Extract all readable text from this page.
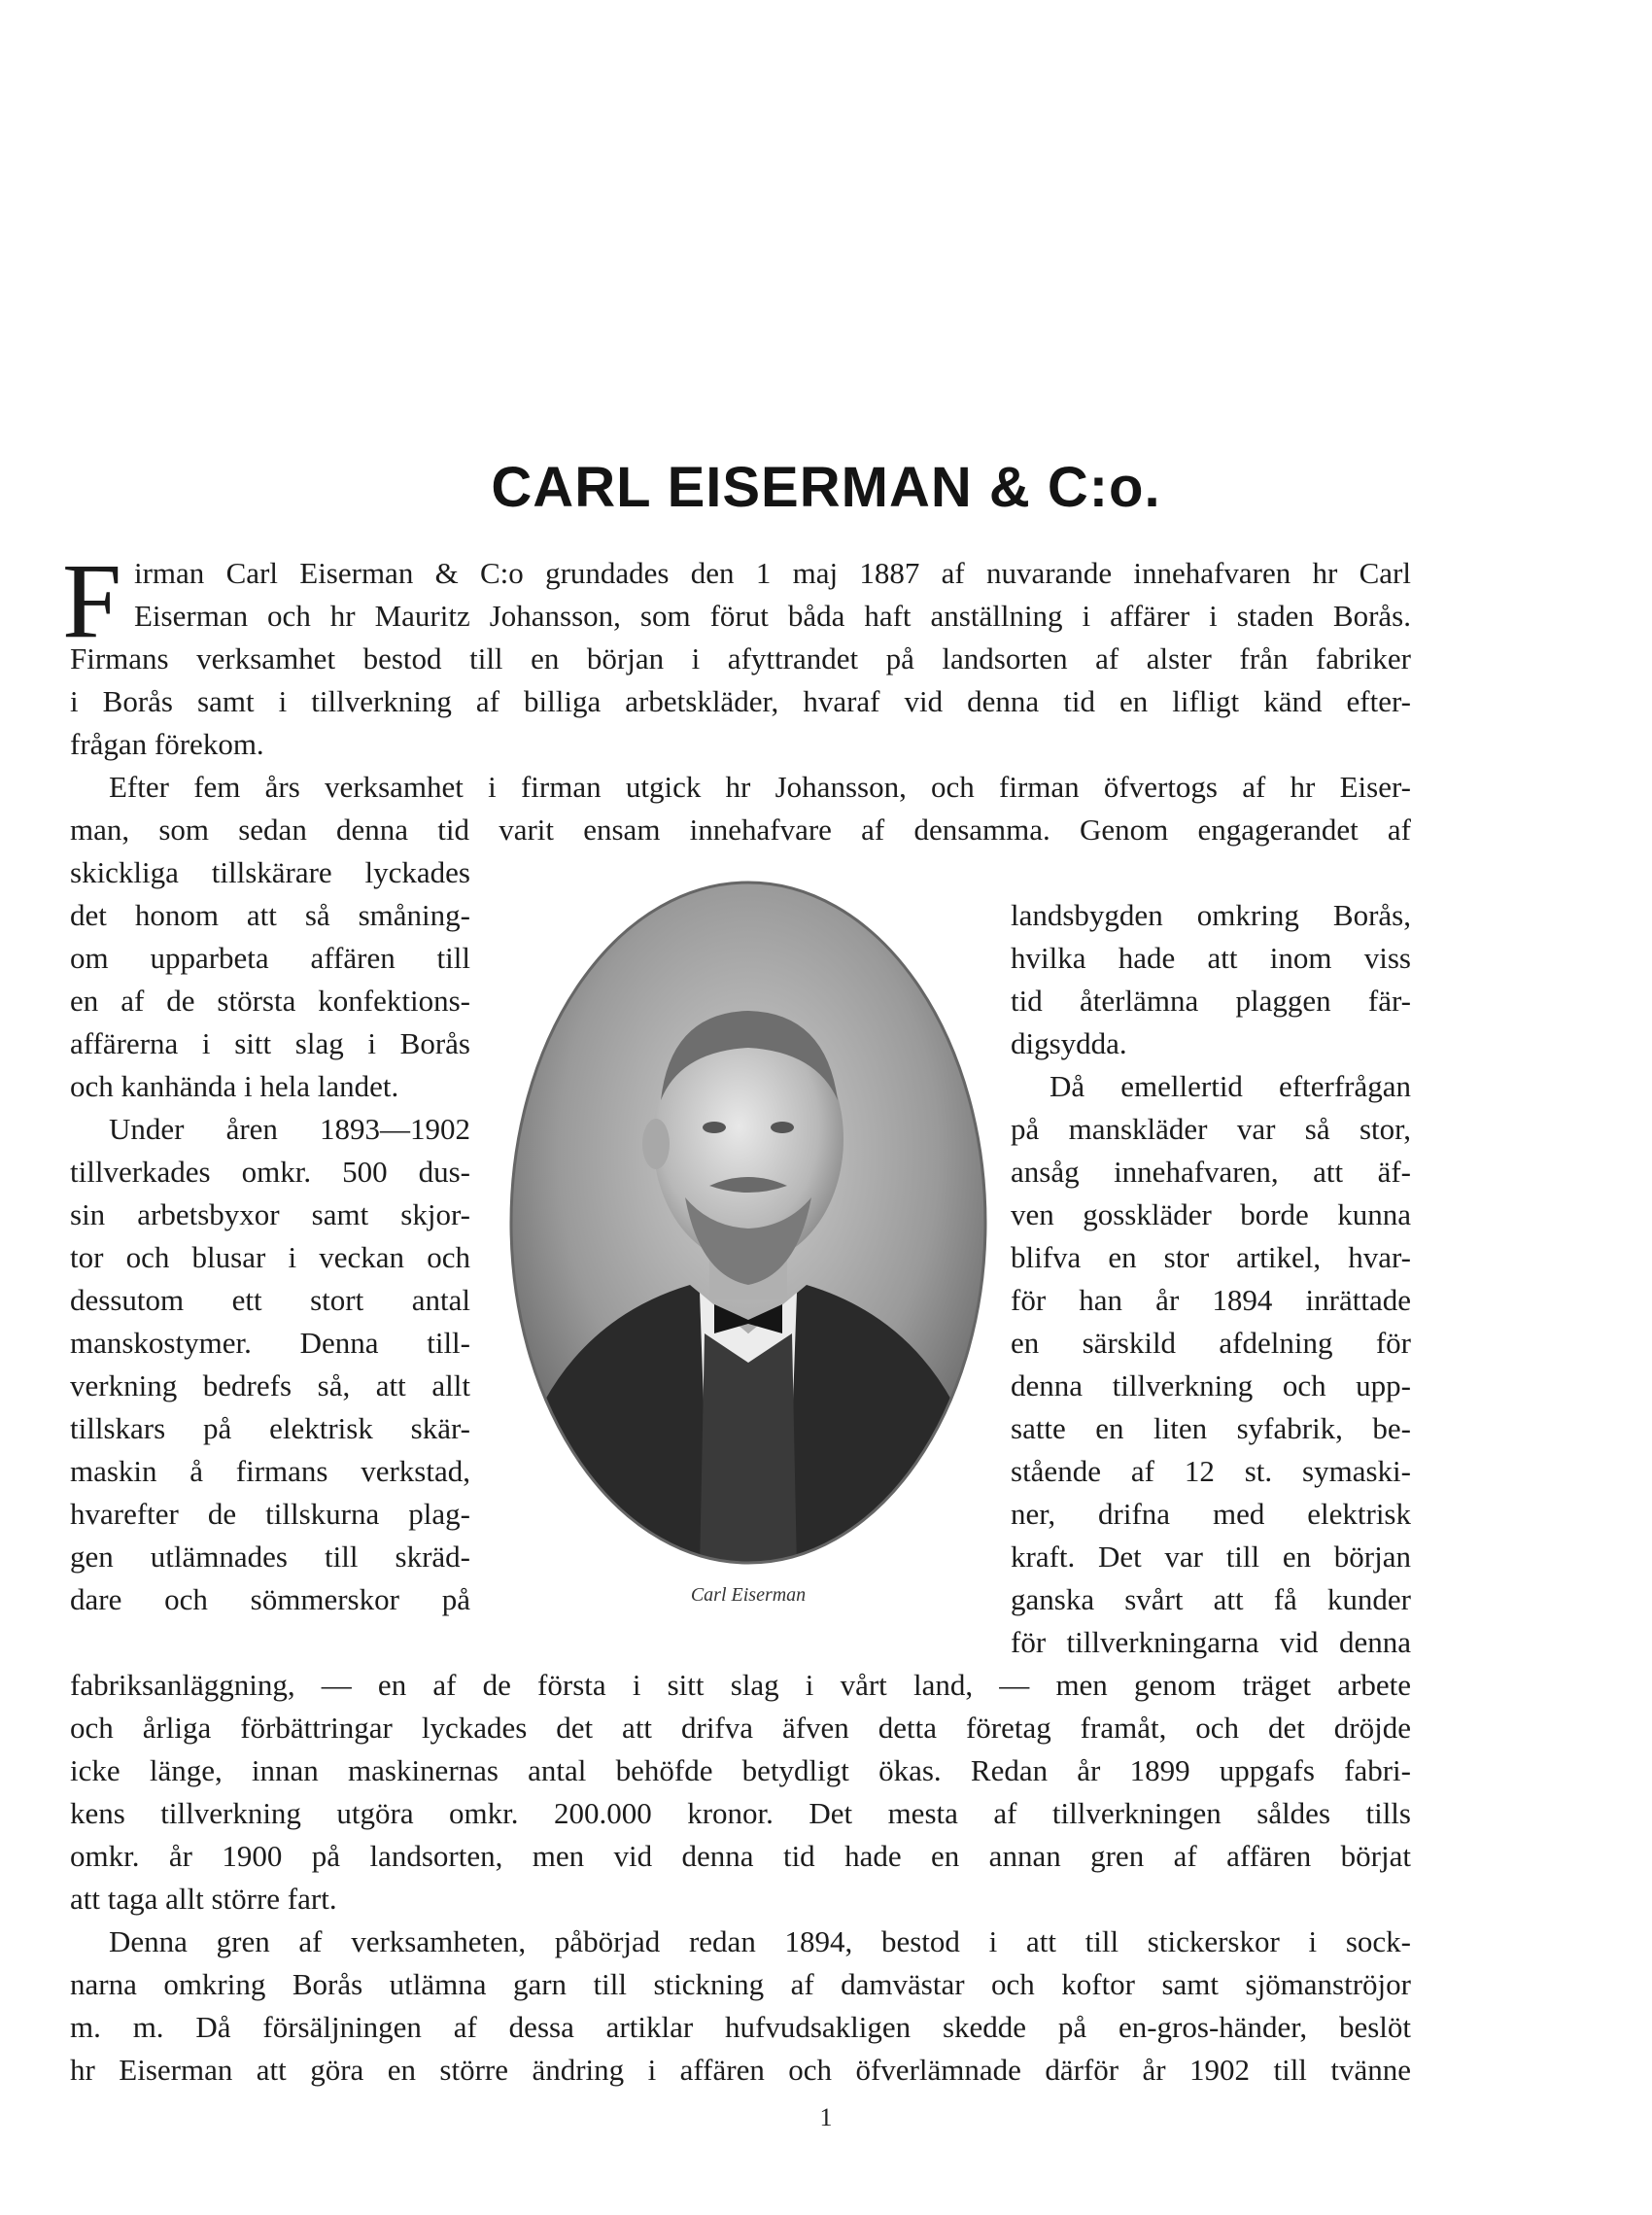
CARL EISERMAN & C:o.
F irman Carl Eiserman & C:o grundades den 1 maj 1887 af nuvarande innehafvaren hr Carl
Eiserman och hr Mauritz Johansson, som förut båda haft anställning i affärer i staden Borås.
Firmans verksamhet bestod till en början i afyttrandet på landsorten af alster från fabriker
i Borås samt i tillverkning af billiga arbetskläder, hvaraf vid denna tid en lifligt känd efter-
frågan förekom.
Efter fem års verksamhet i firman utgick hr Johansson, och firman öfvertogs af hr Eiser-
man, som sedan denna tid varit ensam innehafvare af densamma. Genom engagerandet af
skickliga tillskärare lyckades
det honom att så småning-
om upparbeta affären till
en af de största konfektions-
affärerna i sitt slag i Borås
och kanhända i hela landet.
Under åren 1893—1902
tillverkades omkr. 500 dus-
sin arbetsbyxor samt skjor-
tor och blusar i veckan och
dessutom ett stort antal
manskostymer. Denna till-
verkning bedrefs så, att allt
tillskars på elektrisk skär-
maskin å firmans verkstad,
hvarefter de tillskurna plag-
gen utlämnades till skräd-
dare och sömmerskor på	Carl Eiserman
landsbygden omkring Borås,
hvilka hade att inom viss
tid återlämna plaggen fär-
digsydda.
Då emellertid efterfrågan
på manskläder var så stor,
ansåg innehafvaren, att äf-
ven gosskläder borde kunna
blifva en stor artikel, hvar-
för han år 1894 inrättade
en särskild afdelning för
denna tillverkning och upp-
satte en liten syfabrik, be-
stående af 12 st. symaski-
ner, drifna med elektrisk
kraft. Det var till en början
ganska svårt att få kunder
för tillverkningarna vid denna
fabriksanläggning, — en af de första i sitt slag i vårt land, — men genom träget arbete
och årliga förbättringar lyckades det att drifva äfven detta företag framåt, och det dröjde
icke länge, innan maskinernas antal behöfde betydligt ökas. Redan år 1899 uppgafs fabri-
kens tillverkning utgöra omkr. 200.000 kronor. Det mesta af tillverkningen såldes tills
omkr. år 1900 på landsorten, men vid denna tid hade en annan gren af affären börjat
att taga allt större fart.
Denna gren af verksamheten, påbörjad redan 1894, bestod i att till stickerskor i sock-
narna omkring Borås utlämna garn till stickning af damvästar och koftor samt sjömanströjor
m. m. Då försäljningen af dessa artiklar hufvudsakligen skedde på en-gros-händer, beslöt
hr Eiserman att göra en större ändring i affären och öfverlämnade därför år 1902 till tvänne
1
